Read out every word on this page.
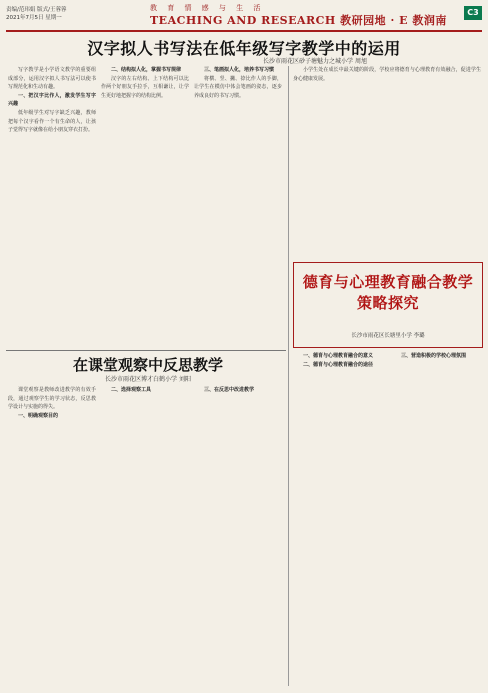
责编/范玮娟 版式/王蓉蓉
2021年7月5日 星期一
教 育 情 感 与 生 活
TEACHING AND RESEARCH 教研园地 · E 教润南
C3
汉字拟人书写法在低年级写字教学中的运用
长沙市雨花区砂子塘魅力之城小学 周旭

写字教学是小学语文教学的重要组成部分，运用汉字拟人书写法可以使书写规范化和生动有趣。

一、把汉字比作人，激发学生写字兴趣

低年级学生对写字缺乏兴趣，教师把每个汉字看作一个有生命的人，让孩子觉得写字就像在给小朋友穿衣打扮。

二、结构拟人化，掌握书写规律

汉字的左右结构、上下结构可以比作两个好朋友手拉手，互相谦让，让学生更好地把握字的结构比例。

三、笔画拟人化，培养书写习惯

将横、竖、撇、捺比作人的手脚，让学生在模仿中体会笔画的姿态，逐步养成良好的书写习惯。

小学生处在成长中最关键的阶段，学校应将德育与心理教育有效融合，促进学生身心健康发展。

德育与心理教育融合教学策略探究
长沙市雨花区长塘里小学 李璐

一、德育与心理教育融合的意义

二、德育与心理教育融合的途径

三、营造积极的学校心理氛围

在课堂观察中反思教学
长沙市雨花区博才白鹤小学 刘阳

课堂观察是教师改进教学的有效手段，通过观察学生的学习状态，反思教学设计与实施的得失。

一、明确观察目的

二、选择观察工具	三、在反思中改进教学
